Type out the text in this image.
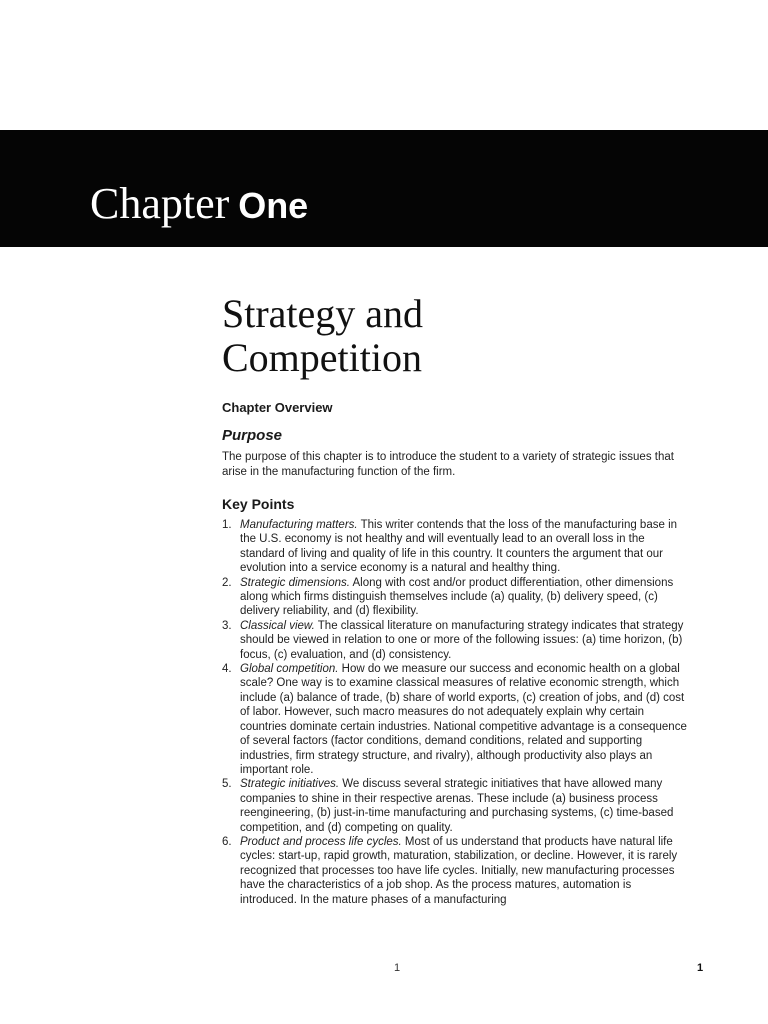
Chapter One
Strategy and
Competition
Chapter Overview
Purpose

The purpose of this chapter is to introduce the student to a variety of strategic issues that arise in the manufacturing function of the firm.

Key Points
1. Manufacturing matters. This writer contends that the loss of the manufacturing base in the U.S. economy is not healthy and will eventually lead to an overall loss in the standard of living and quality of life in this country. It counters the argument that our evolution into a service economy is a natural and healthy thing.
2. Strategic dimensions. Along with cost and/or product differentiation, other dimensions along which firms distinguish themselves include (a) quality, (b) delivery speed, (c) delivery reliability, and (d) flexibility.
3. Classical view. The classical literature on manufacturing strategy indicates that strategy should be viewed in relation to one or more of the following issues: (a) time horizon, (b) focus, (c) evaluation, and (d) consistency.
4. Global competition. How do we measure our success and economic health on a global scale? One way is to examine classical measures of relative economic strength, which include (a) balance of trade, (b) share of world exports, (c) creation of jobs, and (d) cost of labor. However, such macro measures do not adequately explain why certain countries dominate certain industries. National competitive advantage is a consequence of several factors (factor conditions, demand conditions, related and supporting industries, firm strategy structure, and rivalry), although productivity also plays an important role.
5. Strategic initiatives. We discuss several strategic initiatives that have allowed many companies to shine in their respective arenas. These include (a) business process reengineering, (b) just-in-time manufacturing and purchasing systems, (c) time-based competition, and (d) competing on quality.
6. Product and process life cycles. Most of us understand that products have natural life cycles: start-up, rapid growth, maturation, stabilization, or decline. However, it is rarely recognized that processes too have life cycles. Initially, new manufacturing processes have the characteristics of a job shop. As the process matures, automation is introduced. In the mature phases of a manufacturing
1	1
